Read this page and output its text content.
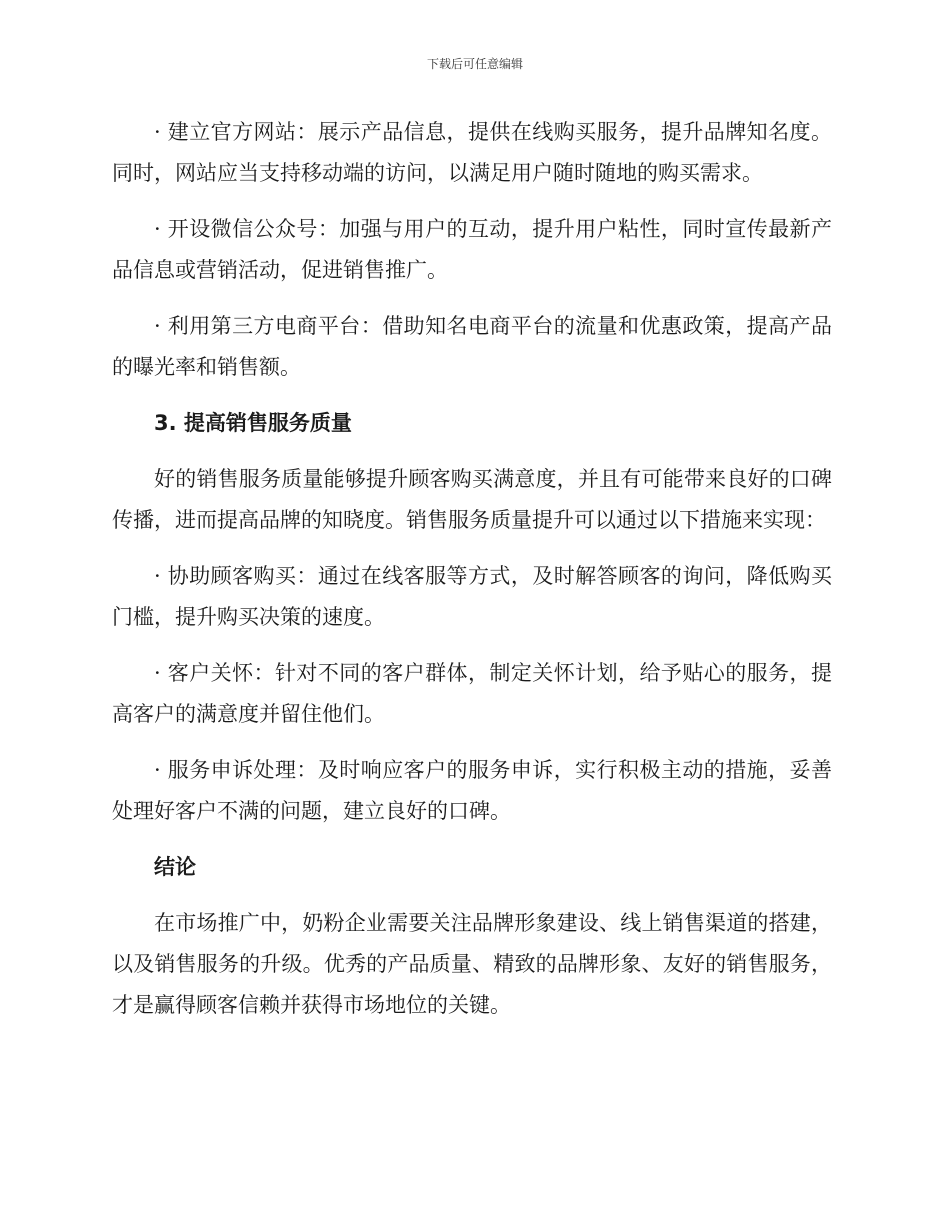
下载后可任意编辑

· 建立官方网站：展示产品信息，提供在线购买服务，提升品牌知名度。同时，网站应当支持移动端的访问，以满足用户随时随地的购买需求。

· 开设微信公众号：加强与用户的互动，提升用户粘性，同时宣传最新产品信息或营销活动，促进销售推广。

· 利用第三方电商平台：借助知名电商平台的流量和优惠政策，提高产品的曝光率和销售额。

3. 提高销售服务质量

好的销售服务质量能够提升顾客购买满意度，并且有可能带来良好的口碑传播，进而提高品牌的知晓度。销售服务质量提升可以通过以下措施来实现：

· 协助顾客购买：通过在线客服等方式，及时解答顾客的询问，降低购买门槛，提升购买决策的速度。

· 客户关怀：针对不同的客户群体，制定关怀计划，给予贴心的服务，提高客户的满意度并留住他们。

· 服务申诉处理：及时响应客户的服务申诉，实行积极主动的措施，妥善处理好客户不满的问题，建立良好的口碑。

结论

在市场推广中，奶粉企业需要关注品牌形象建设、线上销售渠道的搭建，以及销售服务的升级。优秀的产品质量、精致的品牌形象、友好的销售服务，才是赢得顾客信赖并获得市场地位的关键。
